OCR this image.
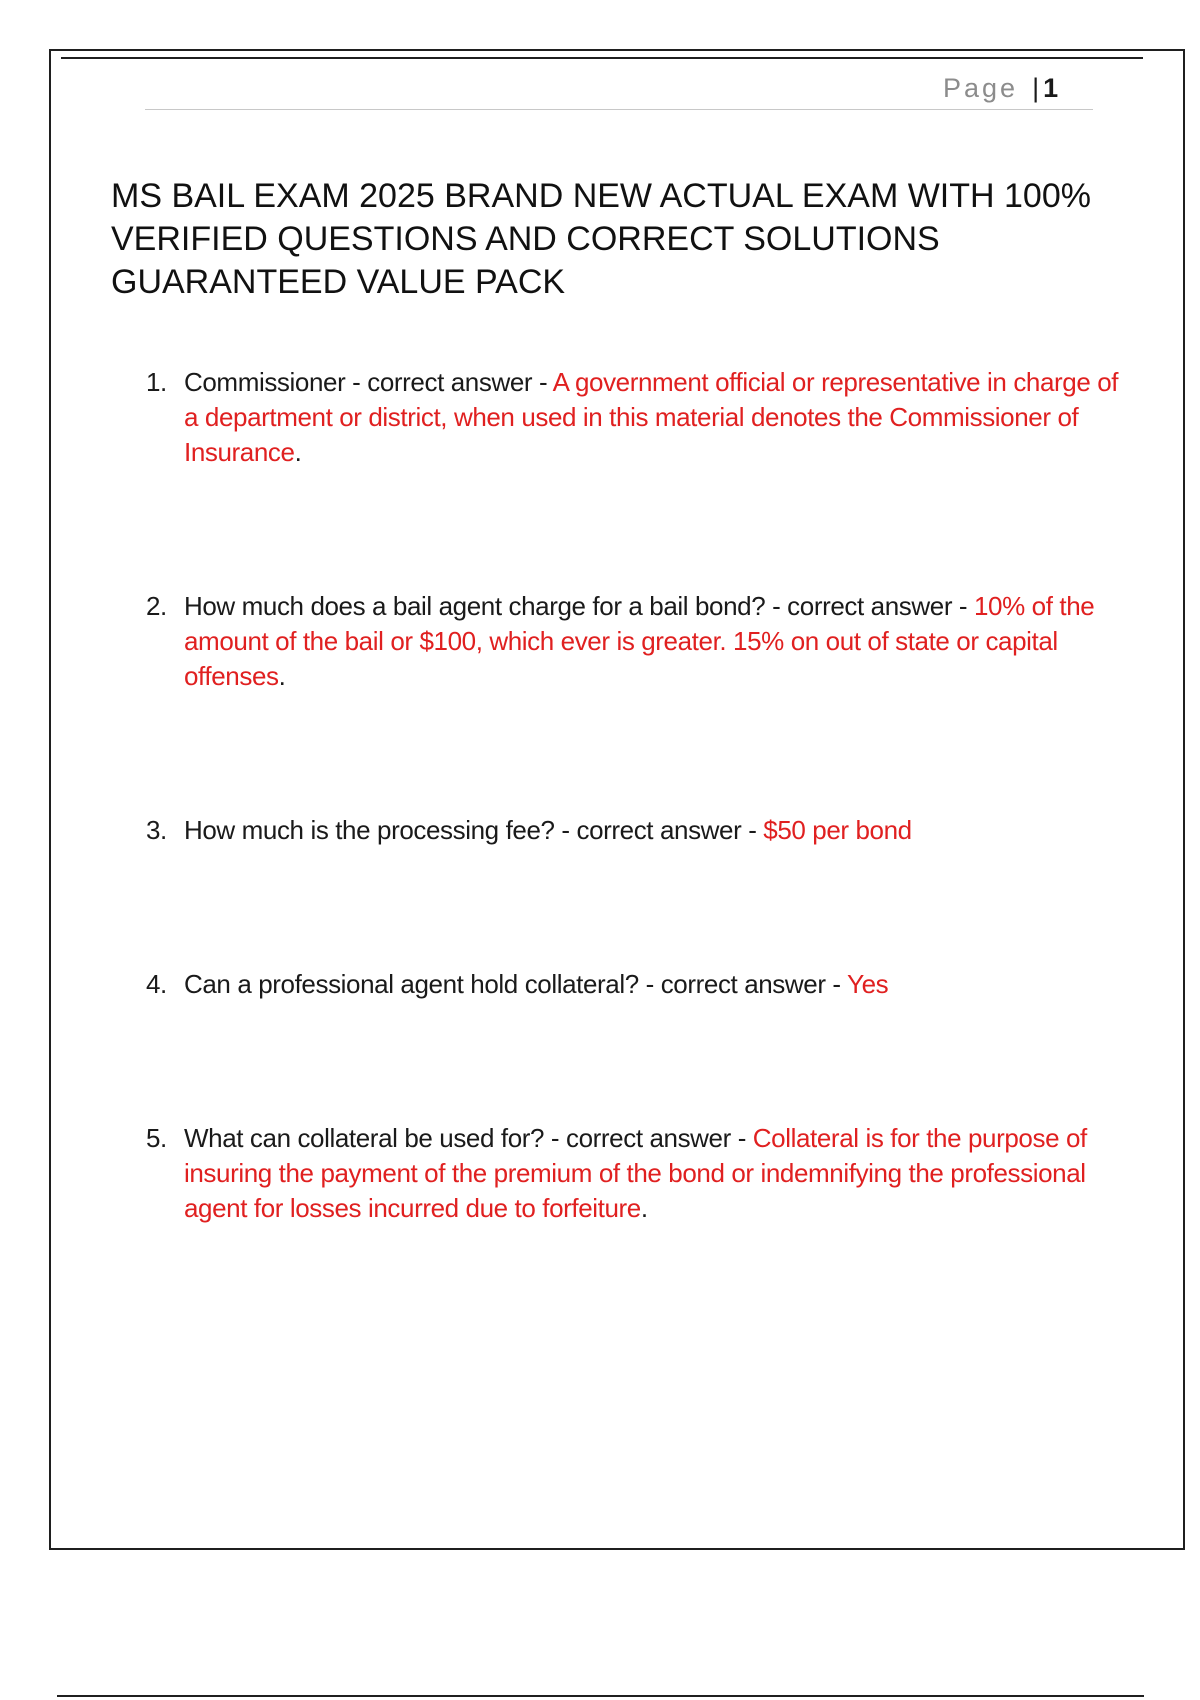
Page | 1
MS BAIL EXAM 2025 BRAND NEW ACTUAL EXAM WITH 100% VERIFIED QUESTIONS AND CORRECT SOLUTIONS GUARANTEED VALUE PACK
1. Commissioner - correct answer - A government official or representative in charge of a department or district, when used in this material denotes the Commissioner of Insurance.
2. How much does a bail agent charge for a bail bond? - correct answer - 10% of the amount of the bail or $100, which ever is greater. 15% on out of state or capital offenses.
3. How much is the processing fee? - correct answer - $50 per bond
4. Can a professional agent hold collateral? - correct answer - Yes
5. What can collateral be used for? - correct answer - Collateral is for the purpose of insuring the payment of the premium of the bond or indemnifying the professional agent for losses incurred due to forfeiture.
